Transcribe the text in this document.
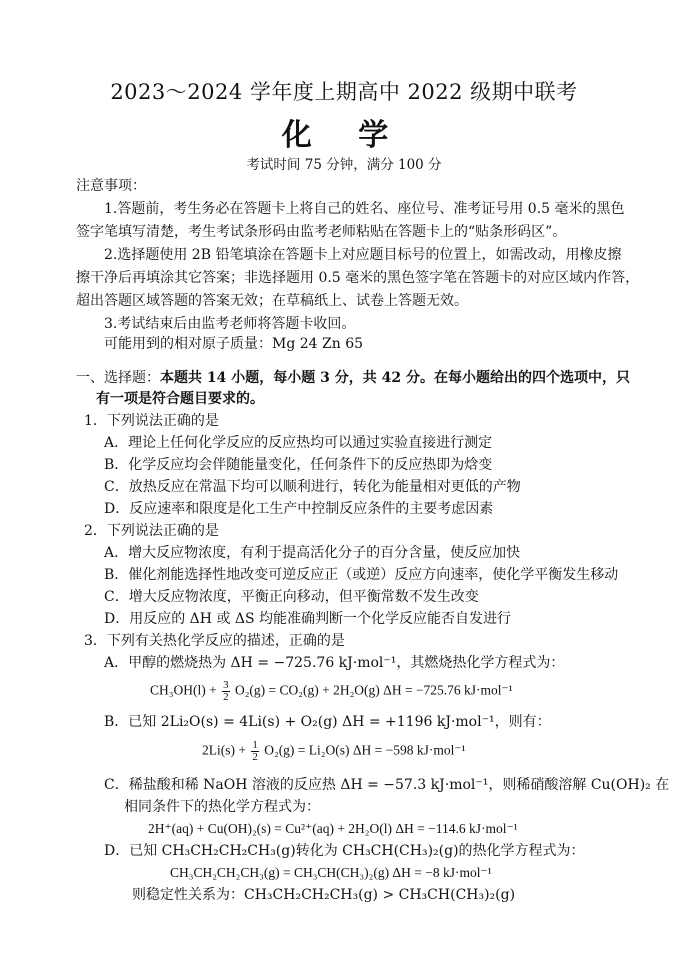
2023～2024 学年度上期高中 2022 级期中联考
化 学
考试时间 75 分钟，满分 100 分
注意事项：
1.答题前，考生务必在答题卡上将自己的姓名、座位号、准考证号用 0.5 毫米的黑色
签字笔填写清楚，考生考试条形码由监考老师粘贴在答题卡上的“贴条形码区”。
2.选择题使用 2B 铅笔填涂在答题卡上对应题目标号的位置上，如需改动，用橡皮擦
擦干净后再填涂其它答案；非选择题用 0.5 毫米的黑色签字笔在答题卡的对应区域内作答，
超出答题区域答题的答案无效；在草稿纸上、试卷上答题无效。
3.考试结束后由监考老师将答题卡收回。
可能用到的相对原子质量：Mg 24 Zn 65
一、选择题：本题共 14 小题，每小题 3 分，共 42 分。在每小题给出的四个选项中，只
有一项是符合题目要求的。
1．下列说法正确的是
A．理论上任何化学反应的反应热均可以通过实验直接进行测定
B．化学反应均会伴随能量变化，任何条件下的反应热即为焓变
C．放热反应在常温下均可以顺利进行，转化为能量相对更低的产物
D．反应速率和限度是化工生产中控制反应条件的主要考虑因素
2．下列说法正确的是
A．增大反应物浓度，有利于提高活化分子的百分含量，使反应加快
B．催化剂能选择性地改变可逆反应正（或逆）反应方向速率，使化学平衡发生移动
C．增大反应物浓度，平衡正向移动，但平衡常数不发生改变
D．用反应的 ΔH 或 ΔS 均能准确判断一个化学反应能否自发进行
3．下列有关热化学反应的描述，正确的是
A．甲醇的燃烧热为 ΔH = −725.76 kJ·mol⁻¹，其燃烧热化学方程式为：
$CH_3OH(l) + \frac{3}{2} O_2(g) = CO_2(g) + 2H_2O(g) \Delta H = -725.76$ kJ·mol⁻¹
B．已知 2Li₂O(s) = 4Li(s) + O₂(g) ΔH = +1196 kJ·mol⁻¹，则有：
$2Li(s) + \frac{1}{2} O_2(g) = Li_2O(s) \Delta H = -598$ kJ·mol⁻¹
C．稀盐酸和稀 NaOH 溶液的反应热 ΔH = −57.3 kJ·mol⁻¹，则稀硝酸溶解 Cu(OH)₂ 在
相同条件下的热化学方程式为：
2H⁺(aq) + Cu(OH)₂(s) = Cu²⁺(aq) + 2H₂O(l) ΔH = −114.6 kJ·mol⁻¹
D．已知 CH₃CH₂CH₂CH₃(g)转化为 CH₃CH(CH₃)₂(g)的热化学方程式为：
CH₃CH₂CH₂CH₃(g) = CH₃CH(CH₃)₂(g) ΔH = −8 kJ·mol⁻¹
则稳定性关系为：CH₃CH₂CH₂CH₃(g) > CH₃CH(CH₃)₂(g)
